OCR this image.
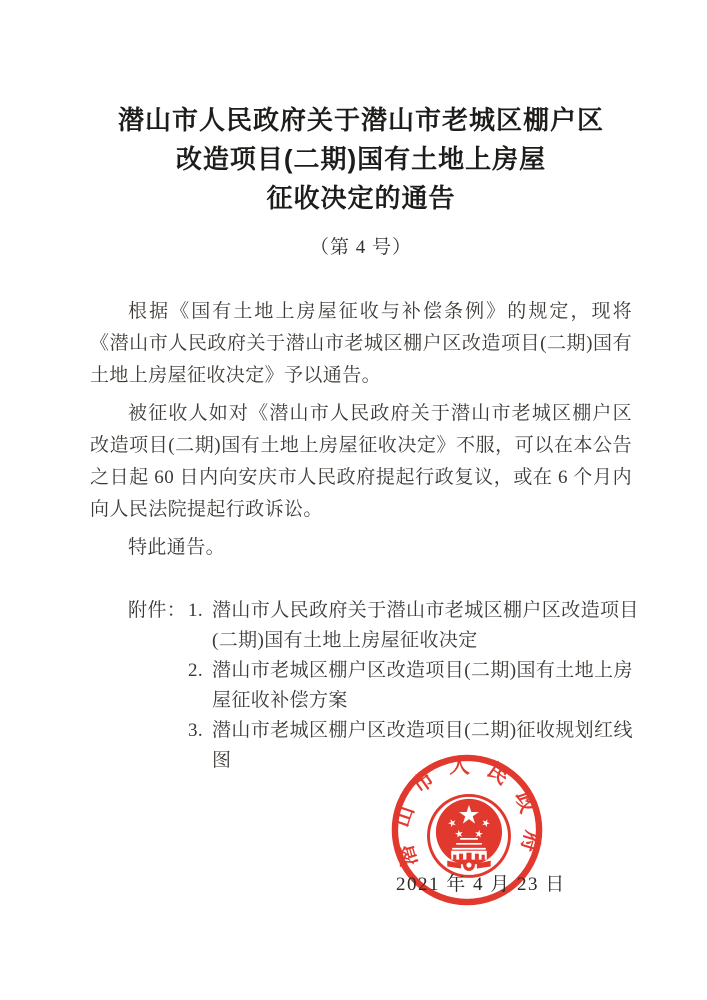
潜山市人民政府关于潜山市老城区棚户区
改造项目(二期)国有土地上房屋
征收决定的通告
（第 4 号）

根据《国有土地上房屋征收与补偿条例》的规定，现将《潜山市人民政府关于潜山市老城区棚户区改造项目(二期)国有土地上房屋征收决定》予以通告。

被征收人如对《潜山市人民政府关于潜山市老城区棚户区改造项目(二期)国有土地上房屋征收决定》不服，可以在本公告之日起 60 日内向安庆市人民政府提起行政复议，或在 6 个月内向人民法院提起行政诉讼。

特此通告。

附件： 1. 潜山市人民政府关于潜山市老城区棚户区改造项目(二期)国有土地上房屋征收决定
2. 潜山市老城区棚户区改造项目(二期)国有土地上房屋征收补偿方案
3. 潜山市老城区棚户区改造项目(二期)征收规划红线图
潜山市人民政府
2021 年 4 月 23 日
